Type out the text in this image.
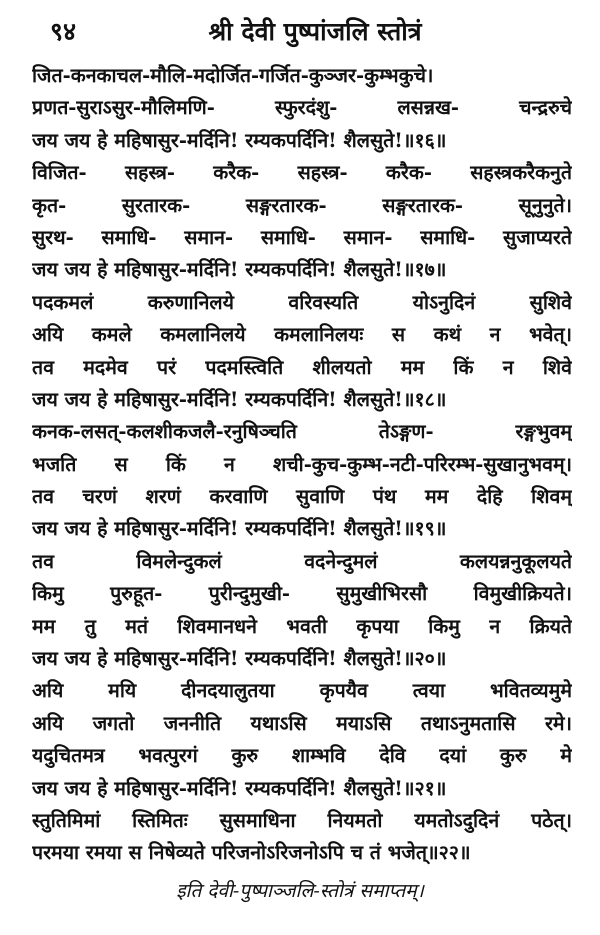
९४	श्री देवी पुष्पांजलि स्तोत्रं
जित-कनकाचल-मौलि-मदोर्जित-गर्जित-कुञ्जर-कुम्भकुचे।
प्रणत-सुराऽसुर-मौलिमणि- स्फुरदंशु- लसन्नख- चन्द्ररुचे
जय जय हे महिषासुर-मर्दिनि! रम्यकपर्दिनि! शैलसुते!॥१६॥
विजित- सहस्त्र- करैक- सहस्त्र- करैक- सहस्त्रकरैकनुते
कृत- सुरतारक- सङ्गरतारक- सङ्गरतारक- सूनुनुते।
सुरथ- समाधि- समान- समाधि- समान- समाधि- सुजाप्यरते
जय जय हे महिषासुर-मर्दिनि! रम्यकपर्दिनि! शैलसुते!॥१७॥
पदकमलं करुणानिलये वरिवस्यति योऽनुदिनं सुशिवे
अयि कमले कमलानिलये कमलानिलयः स कथं न भवेत्।
तव मदमेव परं पदमस्त्विति शीलयतो मम किं न शिवे
जय जय हे महिषासुर-मर्दिनि! रम्यकपर्दिनि! शैलसुते!॥१८॥
कनक-लसत्-कलशीकजलै-रनुषिञ्चति तेऽङ्गण- रङ्गभुवम्
भजति स किं न शची-कुच-कुम्भ-नटी-परिरम्भ-सुखानुभवम्।
तव चरणं शरणं करवाणि सुवाणि पंथ मम देहि शिवम्
जय जय हे महिषासुर-मर्दिनि! रम्यकपर्दिनि! शैलसुते!॥१९॥
तव विमलेन्दुकलं वदनेन्दुमलं कलयन्ननुकूलयते
किमु पुरुहूत- पुरीन्दुमुखी- सुमुखीभिरसौ विमुखीक्रियते।
मम तु मतं शिवमानधने भवती कृपया किमु न क्रियते
जय जय हे महिषासुर-मर्दिनि! रम्यकपर्दिनि! शैलसुते!॥२०॥
अयि मयि दीनदयालुतया कृपयैव त्वया भवितव्यमुमे
अयि जगतो जननीति यथाऽसि मयाऽसि तथाऽनुमतासि रमे।
यदुचितमत्र भवत्पुरगं कुरु शाम्भवि देवि दयां कुरु मे
जय जय हे महिषासुर-मर्दिनि! रम्यकपर्दिनि! शैलसुते!॥२१॥
स्तुतिमिमां स्तिमितः सुसमाधिना नियमतो यमतोऽदुदिनं पठेत्।
परमया रमया स निषेव्यते परिजनोऽरिजनोऽपि च तं भजेत्॥२२॥
इति देवी-पुष्पाञ्जलि-स्तोत्रं समाप्तम्।
